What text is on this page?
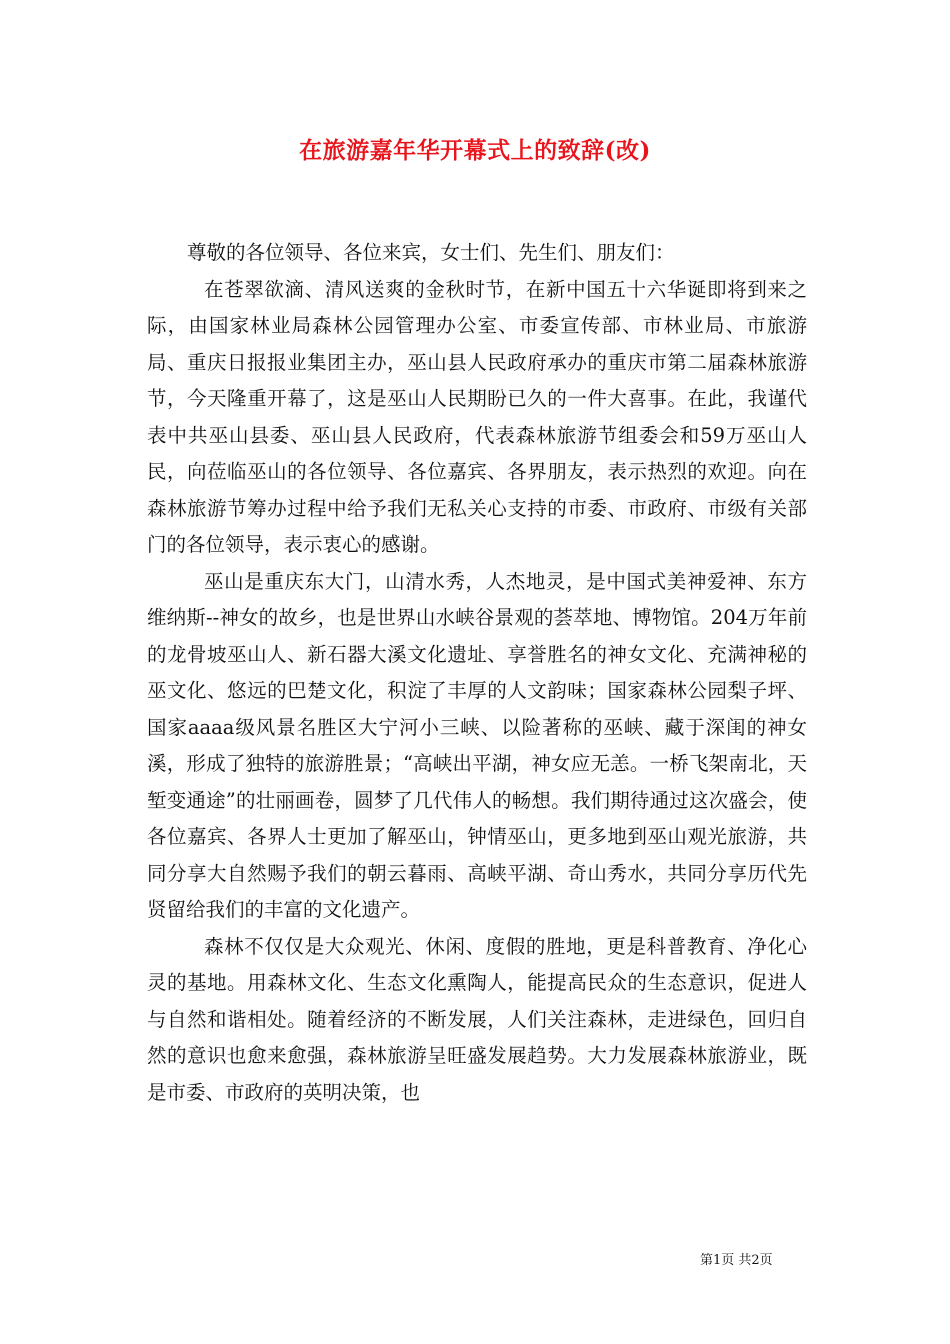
在旅游嘉年华开幕式上的致辞(改)

尊敬的各位领导、各位来宾，女士们、先生们、朋友们：

在苍翠欲滴、清风送爽的金秋时节，在新中国五十六华诞即将到来之际，由国家林业局森林公园管理办公室、市委宣传部、市林业局、市旅游局、重庆日报报业集团主办，巫山县人民政府承办的重庆市第二届森林旅游节，今天隆重开幕了，这是巫山人民期盼已久的一件大喜事。在此，我谨代表中共巫山县委、巫山县人民政府，代表森林旅游节组委会和59万巫山人民，向莅临巫山的各位领导、各位嘉宾、各界朋友，表示热烈的欢迎。向在森林旅游节筹办过程中给予我们无私关心支持的市委、市政府、市级有关部门的各位领导，表示衷心的感谢。

巫山是重庆东大门，山清水秀，人杰地灵，是中国式美神爱神、东方维纳斯--神女的故乡，也是世界山水峡谷景观的荟萃地、博物馆。204万年前的龙骨坡巫山人、新石器大溪文化遗址、享誉胜名的神女文化、充满神秘的巫文化、悠远的巴楚文化，积淀了丰厚的人文韵味；国家森林公园梨子坪、国家aaaa级风景名胜区大宁河小三峡、以险著称的巫峡、藏于深闺的神女溪，形成了独特的旅游胜景；“高峡出平湖，神女应无恙。一桥飞架南北，天堑变通途”的壮丽画卷，圆梦了几代伟人的畅想。我们期待通过这次盛会，使各位嘉宾、各界人士更加了解巫山，钟情巫山，更多地到巫山观光旅游，共同分享大自然赐予我们的朝云暮雨、高峡平湖、奇山秀水，共同分享历代先贤留给我们的丰富的文化遗产。

森林不仅仅是大众观光、休闲、度假的胜地，更是科普教育、净化心灵的基地。用森林文化、生态文化熏陶人，能提高民众的生态意识，促进人与自然和谐相处。随着经济的不断发展，人们关注森林，走进绿色，回归自然的意识也愈来愈强，森林旅游呈旺盛发展趋势。大力发展森林旅游业，既是市委、市政府的英明决策，也

第1页 共2页
